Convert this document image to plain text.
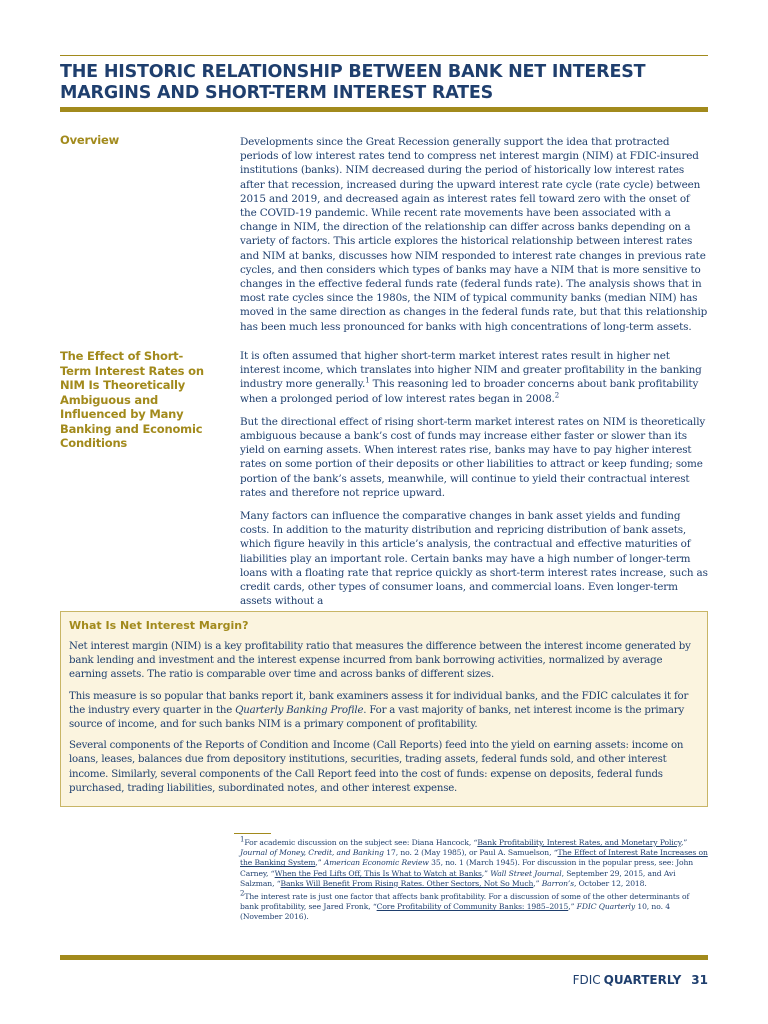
THE HISTORIC RELATIONSHIP BETWEEN BANK NET INTEREST MARGINS AND SHORT-TERM INTEREST RATES
Overview	Developments since the Great Recession generally support the idea that protracted periods of low interest rates tend to compress net interest margin (NIM) at FDIC-insured institutions (banks). NIM decreased during the period of historically low interest rates after that recession, increased during the upward interest rate cycle (rate cycle) between 2015 and 2019, and decreased again as interest rates fell toward zero with the onset of the COVID-19 pandemic. While recent rate movements have been associated with a change in NIM, the direction of the relationship can differ across banks depending on a variety of factors. This article explores the historical relationship between interest rates and NIM at banks, discusses how NIM responded to interest rate changes in previous rate cycles, and then considers which types of banks may have a NIM that is more sensitive to changes in the effective federal funds rate (federal funds rate). The analysis shows that in most rate cycles since the 1980s, the NIM of typical community banks (median NIM) has moved in the same direction as changes in the federal funds rate, but that this relationship has been much less pronounced for banks with high concentrations of long-term assets.

The Effect of Short-Term Interest Rates on NIM Is Theoretically Ambiguous and Influenced by Many Banking and Economic Conditions

It is often assumed that higher short-term market interest rates result in higher net interest income, which translates into higher NIM and greater profitability in the banking industry more generally.$^1$ This reasoning led to broader concerns about bank profitability when a prolonged period of low interest rates began in 2008.$^2$

But the directional effect of rising short-term market interest rates on NIM is theoretically ambiguous because a bank’s cost of funds may increase either faster or slower than its yield on earning assets. When interest rates rise, banks may have to pay higher interest rates on some portion of their deposits or other liabilities to attract or keep funding; some portion of the bank’s assets, meanwhile, will continue to yield their contractual interest rates and therefore not reprice upward.

Many factors can influence the comparative changes in bank asset yields and funding costs. In addition to the maturity distribution and repricing distribution of bank assets, which figure heavily in this article’s analysis, the contractual and effective maturities of liabilities play an important role. Certain banks may have a high number of longer-term loans with a floating rate that reprice quickly as short-term interest rates increase, such as credit cards, other types of consumer loans, and commercial loans. Even longer-term assets without a

What Is Net Interest Margin?

Net interest margin (NIM) is a key profitability ratio that measures the difference between the interest income generated by bank lending and investment and the interest expense incurred from bank borrowing activities, normalized by average earning assets. The ratio is comparable over time and across banks of different sizes.

This measure is so popular that banks report it, bank examiners assess it for individual banks, and the FDIC calculates it for the industry every quarter in the Quarterly Banking Profile. For a vast majority of banks, net interest income is the primary source of income, and for such banks NIM is a primary component of profitability.

Several components of the Reports of Condition and Income (Call Reports) feed into the yield on earning assets: income on loans, leases, balances due from depository institutions, securities, trading assets, federal funds sold, and other interest income. Similarly, several components of the Call Report feed into the cost of funds: expense on deposits, federal funds purchased, trading liabilities, subordinated notes, and other interest expense.

$^1$For academic discussion on the subject see: Diana Hancock, “Bank Profitability, Interest Rates, and Monetary Policy,” Journal of Money, Credit, and Banking 17, no. 2 (May 1985), or Paul A. Samuelson, “The Effect of Interest Rate Increases on the Banking System,” American Economic Review 35, no. 1 (March 1945). For discussion in the popular press, see: John Carney, “When the Fed Lifts Off, This Is What to Watch at Banks,” Wall Street Journal, September 29, 2015, and Avi Salzman, “Banks Will Benefit From Rising Rates. Other Sectors, Not So Much,” Barron’s, October 12, 2018.

$^2$The interest rate is just one factor that affects bank profitability. For a discussion of some of the other determinants of bank profitability, see Jared Fronk, “Core Profitability of Community Banks: 1985–2015,” FDIC Quarterly 10, no. 4 (November 2016).

FDIC QUARTERLY 31
